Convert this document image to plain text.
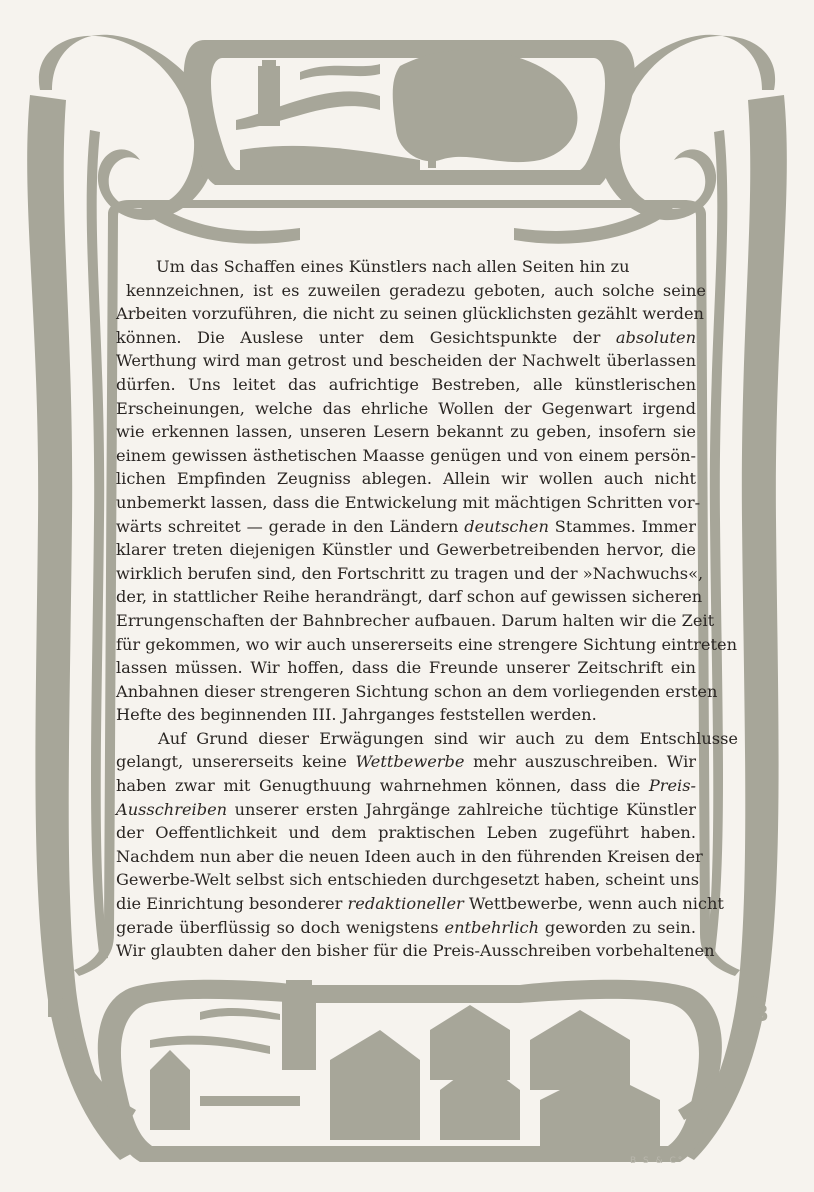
P	B
B S & C°
Um das Schaffen eines Künstlers nach allen Seiten hin zu
kennzeichnen, ist es zuweilen geradezu geboten, auch solche seine
Arbeiten vorzuführen, die nicht zu seinen glücklichsten gezählt werden
können. Die Auslese unter dem Gesichtspunkte der absoluten
Werthung wird man getrost und bescheiden der Nachwelt überlassen
dürfen. Uns leitet das aufrichtige Bestreben, alle künstlerischen
Erscheinungen, welche das ehrliche Wollen der Gegenwart irgend
wie erkennen lassen, unseren Lesern bekannt zu geben, insofern sie
einem gewissen ästhetischen Maasse genügen und von einem persön-
lichen Empfinden Zeugniss ablegen. Allein wir wollen auch nicht
unbemerkt lassen, dass die Entwickelung mit mächtigen Schritten vor-
wärts schreitet — gerade in den Ländern deutschen Stammes. Immer
klarer treten diejenigen Künstler und Gewerbetreibenden hervor, die
wirklich berufen sind, den Fortschritt zu tragen und der »Nachwuchs«,
der, in stattlicher Reihe herandrängt, darf schon auf gewissen sicheren
Errungenschaften der Bahnbrecher aufbauen. Darum halten wir die Zeit
für gekommen, wo wir auch unsererseits eine strengere Sichtung eintreten
lassen müssen. Wir hoffen, dass die Freunde unserer Zeitschrift ein
Anbahnen dieser strengeren Sichtung schon an dem vorliegenden ersten
Hefte des beginnenden III. Jahrganges feststellen werden.
Auf Grund dieser Erwägungen sind wir auch zu dem Entschlusse
gelangt, unsererseits keine Wettbewerbe mehr auszuschreiben. Wir
haben zwar mit Genugthuung wahrnehmen können, dass die Preis-
Ausschreiben unserer ersten Jahrgänge zahlreiche tüchtige Künstler
der Oeffentlichkeit und dem praktischen Leben zugeführt haben.
Nachdem nun aber die neuen Ideen auch in den führenden Kreisen der
Gewerbe-Welt selbst sich entschieden durchgesetzt haben, scheint uns
die Einrichtung besonderer redaktioneller Wettbewerbe, wenn auch nicht
gerade überflüssig so doch wenigstens entbehrlich geworden zu sein.
Wir glaubten daher den bisher für die Preis-Ausschreiben vorbehaltenen
